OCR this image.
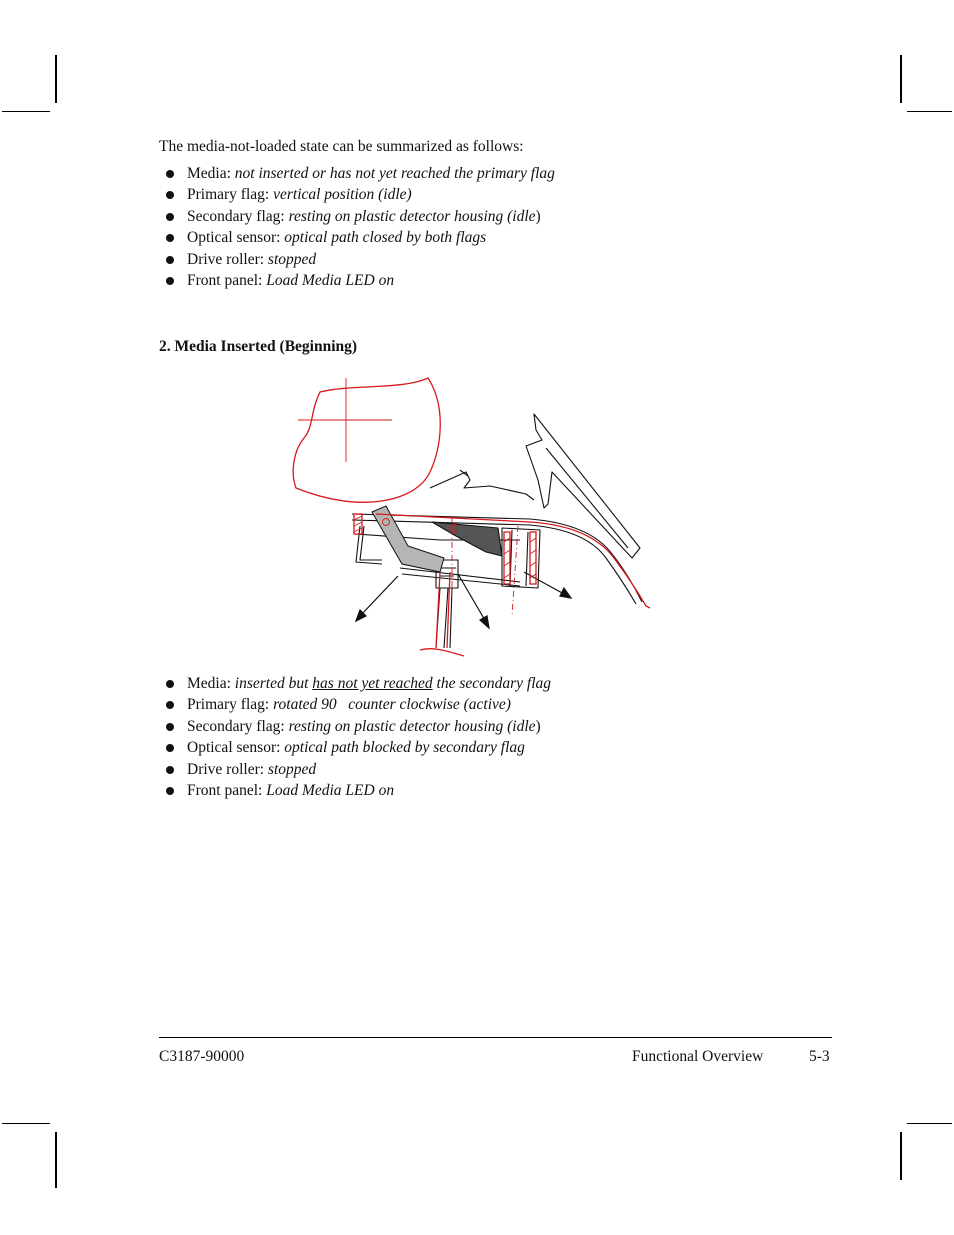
The media-not-loaded state can be summarized as follows:
Media: not inserted or has not yet reached the primary flag
Primary flag: vertical position (idle)
Secondary flag: resting on plastic detector housing (idle)
Optical sensor: optical path closed by both flags
Drive roller: stopped
Front panel: Load Media LED on
2. Media Inserted (Beginning)
Media: inserted but has not yet reached the secondary flag
Primary flag: rotated 90   counter clockwise (active)
Secondary flag: resting on plastic detector housing (idle)
Optical sensor: optical path blocked by secondary flag
Drive roller: stopped
Front panel: Load Media LED on
C3187-90000	Functional Overview	5-3
